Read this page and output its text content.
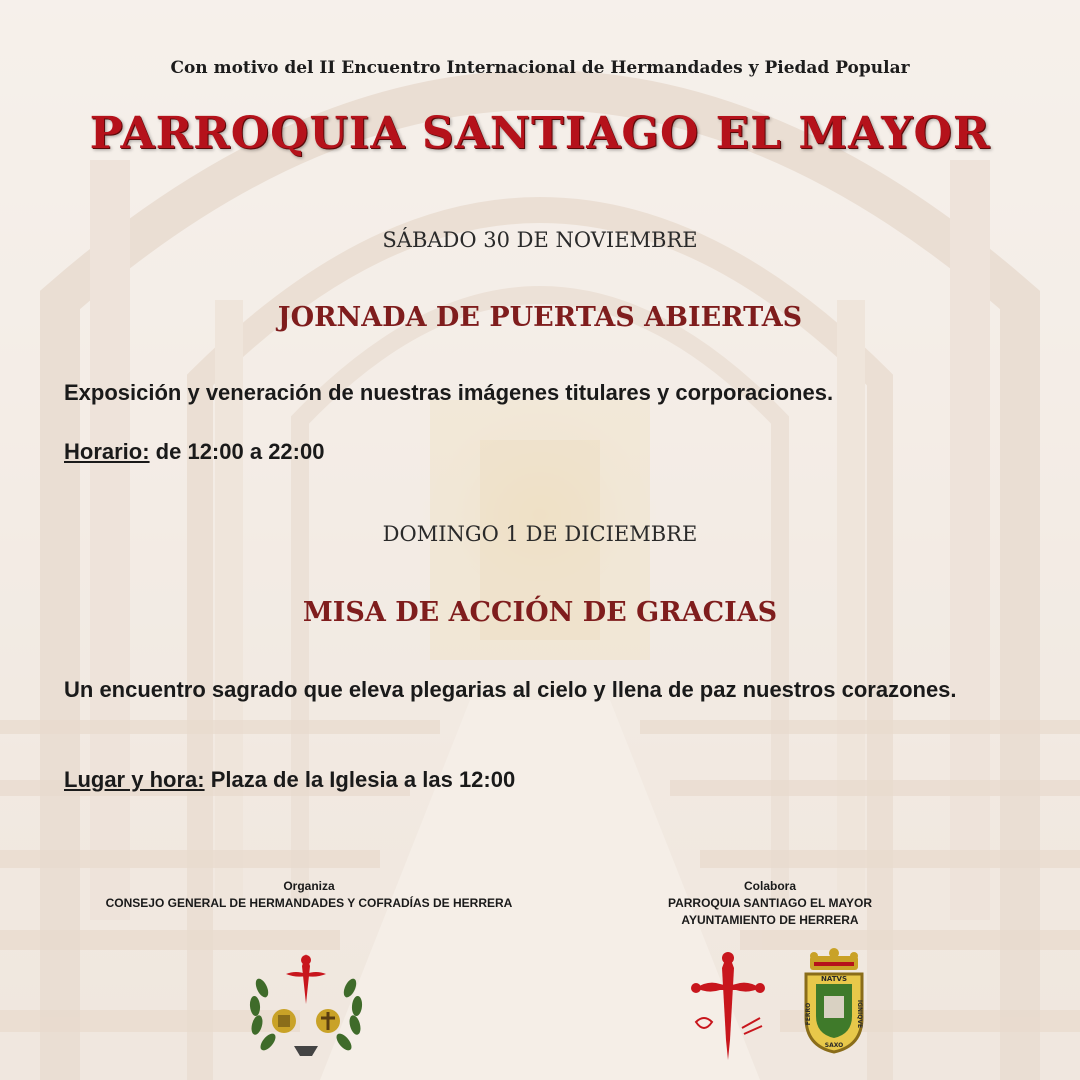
Con motivo del II Encuentro Internacional de Hermandades y Piedad Popular
PARROQUIA SANTIAGO EL MAYOR
SÁBADO 30 DE NOVIEMBRE
JORNADA DE PUERTAS ABIERTAS
Exposición y veneración de nuestras imágenes titulares y corporaciones.
Horario: de 12:00 a 22:00
DOMINGO 1 DE DICIEMBRE
MISA DE ACCIÓN DE GRACIAS
Un encuentro sagrado que eleva plegarias al cielo y llena de paz nuestros corazones.
Lugar y hora: Plaza de la Iglesia a las 12:00
Organiza
CONSEJO GENERAL DE HERMANDADES Y COFRADÍAS DE HERRERA
Colabora
PARROQUIA SANTIAGO EL MAYOR
AYUNTAMIENTO DE HERRERA
NATVS
FERRO	IGNIQVE
SAXO
